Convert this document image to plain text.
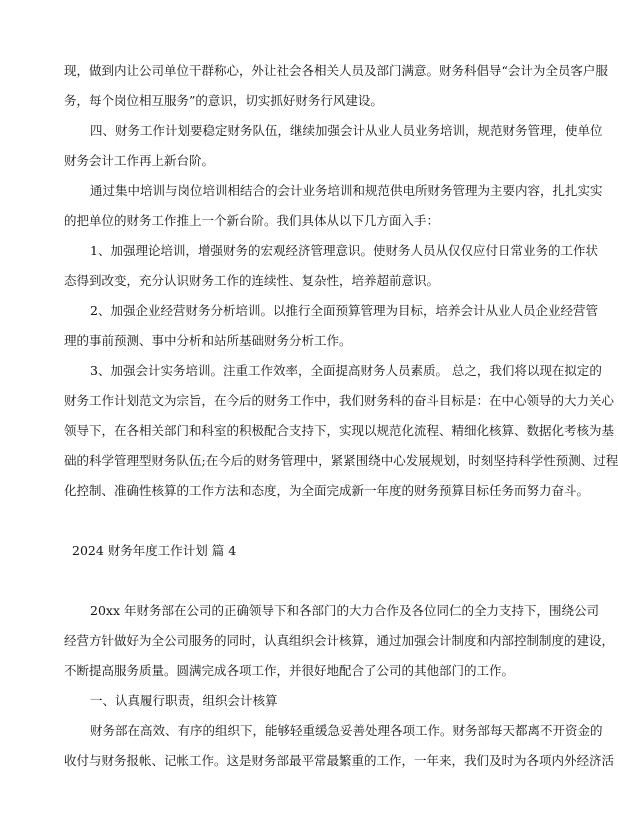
现，做到内让公司单位干群称心，外让社会各相关人员及部门满意。财务科倡导“会计为全员客户服
务，每个岗位相互服务”的意识，切实抓好财务行风建设。
四、财务工作计划要稳定财务队伍，继续加强会计从业人员业务培训，规范财务管理，使单位
财务会计工作再上新台阶。
通过集中培训与岗位培训相结合的会计业务培训和规范供电所财务管理为主要内容，扎扎实实
的把单位的财务工作推上一个新台阶。我们具体从以下几方面入手：
1、加强理论培训，增强财务的宏观经济管理意识。使财务人员从仅仅应付日常业务的工作状
态得到改变，充分认识财务工作的连续性、复杂性，培养超前意识。
2、加强企业经营财务分析培训。以推行全面预算管理为目标，培养会计从业人员企业经营管
理的事前预测、事中分析和站所基础财务分析工作。
3、加强会计实务培训。注重工作效率，全面提高财务人员素质。 总之，我们将以现在拟定的
财务工作计划范文为宗旨，在今后的财务工作中，我们财务科的奋斗目标是：在中心领导的大力关心
领导下，在各相关部门和科室的积极配合支持下，实现以规范化流程、精细化核算、数据化考核为基
础的科学管理型财务队伍;在今后的财务管理中，紧紧围绕中心发展规划，时刻坚持科学性预测、过程
化控制、准确性核算的工作方法和态度，为全面完成新一年度的财务预算目标任务而努力奋斗。
2024 财务年度工作计划 篇 4
20xx 年财务部在公司的正确领导下和各部门的大力合作及各位同仁的全力支持下，围绕公司
经营方针做好为全公司服务的同时，认真组织会计核算，通过加强会计制度和内部控制制度的建设，
不断提高服务质量。圆满完成各项工作，并很好地配合了公司的其他部门的工作。
一、认真履行职责，组织会计核算
财务部在高效、有序的组织下，能够轻重缓急妥善处理各项工作。财务部每天都离不开资金的
收付与财务报帐、记帐工作。这是财务部最平常最繁重的工作，一年来，我们及时为各项内外经济活
